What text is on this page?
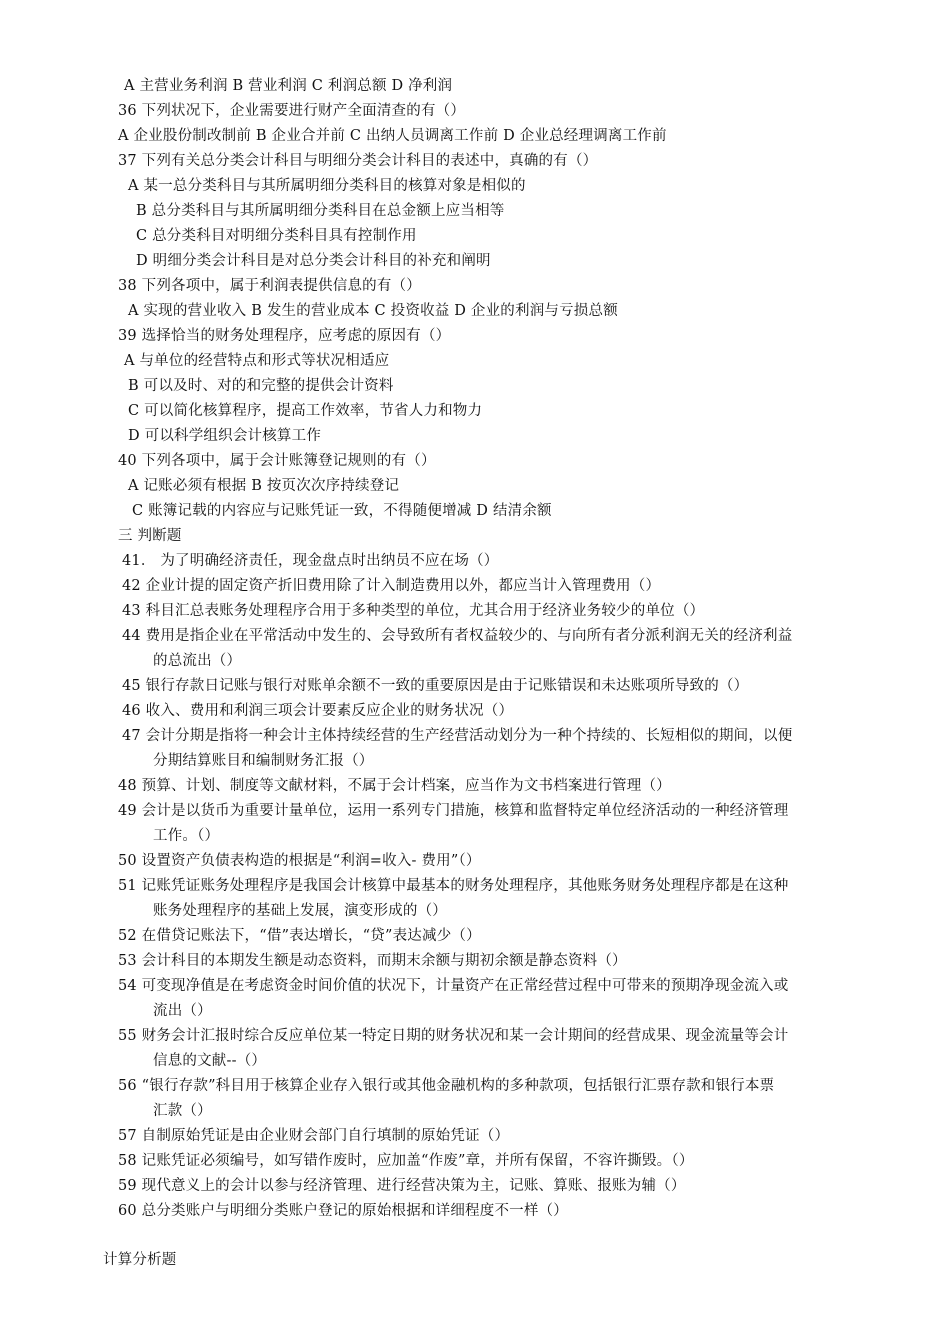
A 主营业务利润 B 营业利润 C 利润总额 D 净利润
36 下列状况下，企业需要进行财产全面清查的有（）
A 企业股份制改制前 B 企业合并前 C 出纳人员调离工作前 D 企业总经理调离工作前
37 下列有关总分类会计科目与明细分类会计科目的表述中，真确的有（）
A 某一总分类科目与其所属明细分类科目的核算对象是相似的
B 总分类科目与其所属明细分类科目在总金额上应当相等
C 总分类科目对明细分类科目具有控制作用
D 明细分类会计科目是对总分类会计科目的补充和阐明
38 下列各项中，属于利润表提供信息的有（）
A 实现的营业收入 B 发生的营业成本 C 投资收益 D 企业的利润与亏损总额
39 选择恰当的财务处理程序，应考虑的原因有（）
A 与单位的经营特点和形式等状况相适应
B 可以及时、对的和完整的提供会计资料
C 可以简化核算程序，提高工作效率，节省人力和物力
D 可以科学组织会计核算工作
40 下列各项中，属于会计账簿登记规则的有（）
A 记账必须有根据 B 按页次次序持续登记
C 账簿记载的内容应与记账凭证一致，不得随便增减 D 结清余额
三 判断题
41． 为了明确经济责任，现金盘点时出纳员不应在场（）
42 企业计提的固定资产折旧费用除了计入制造费用以外，都应当计入管理费用（）
43 科目汇总表账务处理程序合用于多种类型的单位，尤其合用于经济业务较少的单位（）
44 费用是指企业在平常活动中发生的、会导致所有者权益较少的、与向所有者分派利润无关的经济利益
的总流出（）
45 银行存款日记账与银行对账单余额不一致的重要原因是由于记账错误和未达账项所导致的（）
46 收入、费用和利润三项会计要素反应企业的财务状况（）
47 会计分期是指将一种会计主体持续经营的生产经营活动划分为一种个持续的、长短相似的期间，以便
分期结算账目和编制财务汇报（）
48 预算、计划、制度等文献材料，不属于会计档案，应当作为文书档案进行管理（）
49 会计是以货币为重要计量单位，运用一系列专门措施，核算和监督特定单位经济活动的一种经济管理
工作。（）
50 设置资产负债表构造的根据是“利润=收入- 费用”（）
51 记账凭证账务处理程序是我国会计核算中最基本的财务处理程序，其他账务财务处理程序都是在这种
账务处理程序的基础上发展，演变形成的（）
52 在借贷记账法下，“借”表达增长，“贷”表达减少（）
53 会计科目的本期发生额是动态资料，而期末余额与期初余额是静态资料（）
54 可变现净值是在考虑资金时间价值的状况下，计量资产在正常经营过程中可带来的预期净现金流入或
流出（）
55 财务会计汇报时综合反应单位某一特定日期的财务状况和某一会计期间的经营成果、现金流量等会计
信息的文献--（）
56 “银行存款”科目用于核算企业存入银行或其他金融机构的多种款项，包括银行汇票存款和银行本票
汇款（）
57 自制原始凭证是由企业财会部门自行填制的原始凭证（）
58 记账凭证必须编号，如写错作废时，应加盖“作废”章，并所有保留，不容许撕毁。（）
59 现代意义上的会计以参与经济管理、进行经营决策为主，记账、算账、报账为辅（）
60 总分类账户与明细分类账户登记的原始根据和详细程度不一样（）
计算分析题
